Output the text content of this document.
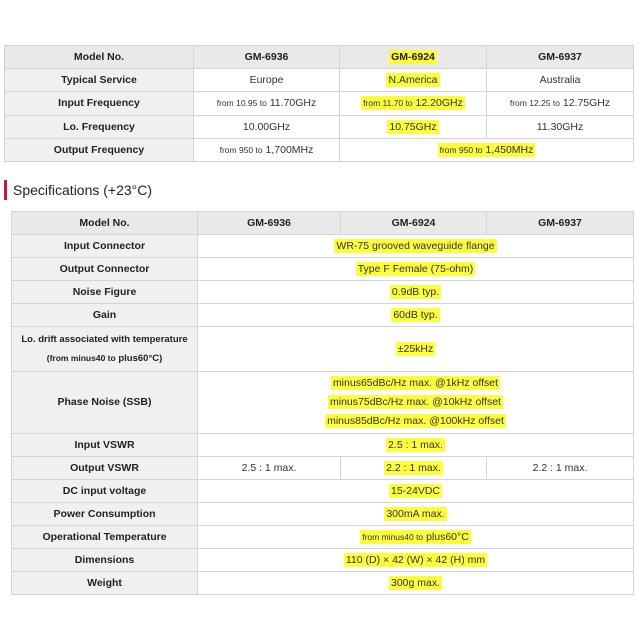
Model No.	GM-6936	GM-6924	GM-6937
Typical Service	Europe	N.America	Australia
Input Frequency	from 10.95 to 11.70GHz	from 11.70 to 12.20GHz	from 12.25 to 12.75GHz
Lo. Frequency	10.00GHz	10.75GHz	11.30GHz
Output Frequency	from 950 to 1,700MHz	from 950 to 1,450MHz	
Specifications (+23°C)
Model No.	GM-6936	GM-6924	GM-6937
Input Connector	WR-75 grooved waveguide flange		
Output Connector	Type F Female (75-ohm)		
Noise Figure	0.9dB typ.		
Gain	60dB typ.		

Lo. drift associated with temperature
(from minus40 to plus60°C)	±25kHz		
Phase Noise (SSB)	minus65dBc/Hz max. @1kHz offset
minus75dBc/Hz max. @10kHz offset
minus85dBc/Hz max. @100kHz offset		

Input VSWR	2.5 : 1 max.		
Output VSWR	2.5 : 1 max.	2.2 : 1 max.	2.2 : 1 max.
DC input voltage	15-24VDC		
Power Consumption	300mA max.		
Operational Temperature	from minus40 to plus60°C		
Dimensions	110 (D) × 42 (W) × 42 (H) mm		
Weight	300g max.		
